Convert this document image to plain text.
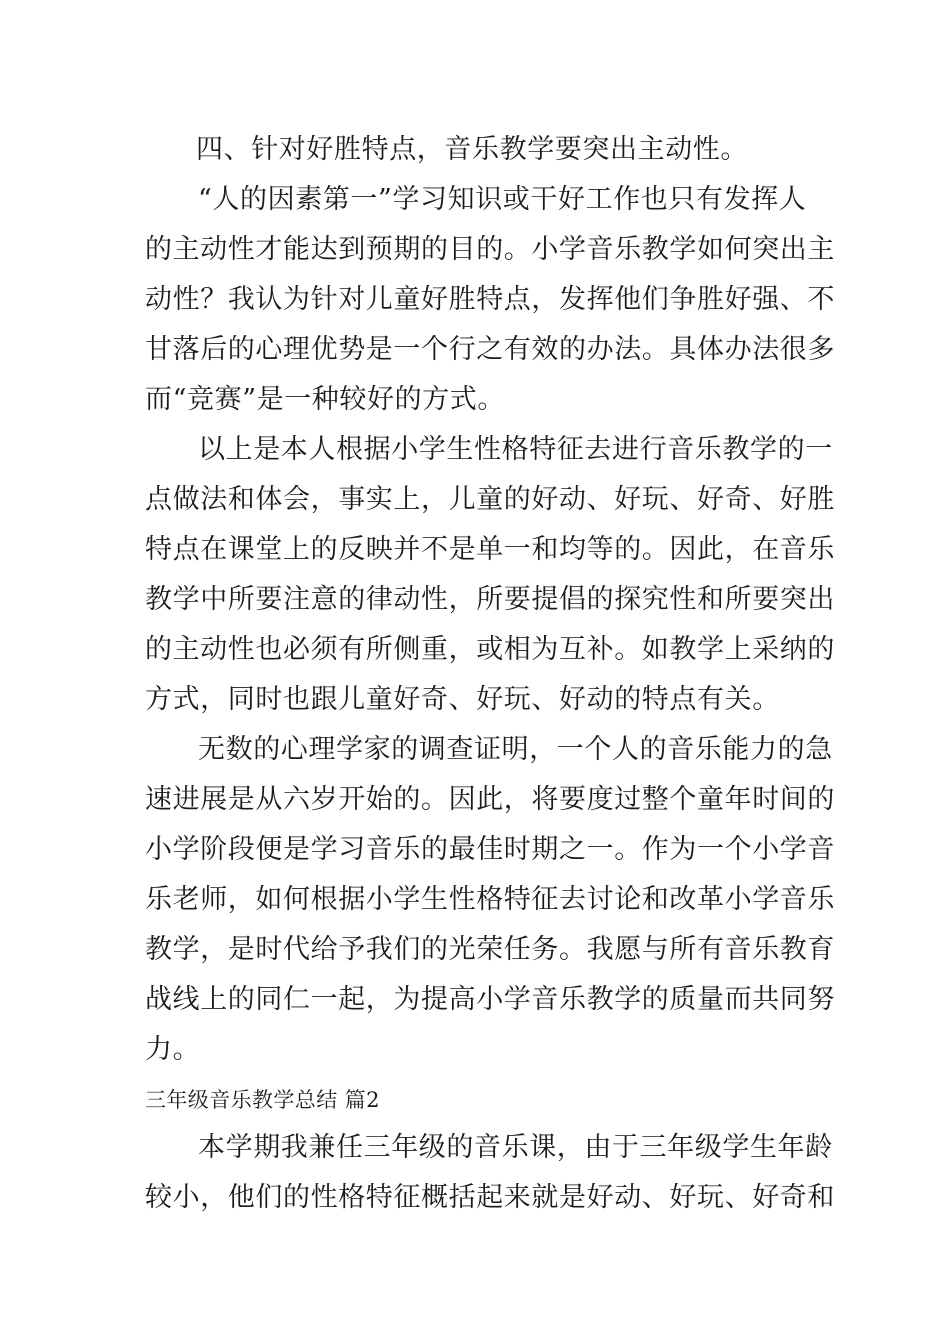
四、针对好胜特点，音乐教学要突出主动性。
“人的因素第一”学习知识或干好工作也只有发挥人
的主动性才能达到预期的目的。小学音乐教学如何突出主
动性？我认为针对儿童好胜特点，发挥他们争胜好强、不
甘落后的心理优势是一个行之有效的办法。具体办法很多
而“竞赛”是一种较好的方式。
以上是本人根据小学生性格特征去进行音乐教学的一
点做法和体会，事实上，儿童的好动、好玩、好奇、好胜
特点在课堂上的反映并不是单一和均等的。因此，在音乐
教学中所要注意的律动性，所要提倡的探究性和所要突出
的主动性也必须有所侧重，或相为互补。如教学上采纳的
方式，同时也跟儿童好奇、好玩、好动的特点有关。
无数的心理学家的调查证明，一个人的音乐能力的急
速进展是从六岁开始的。因此，将要度过整个童年时间的
小学阶段便是学习音乐的最佳时期之一。作为一个小学音
乐老师，如何根据小学生性格特征去讨论和改革小学音乐
教学，是时代给予我们的光荣任务。我愿与所有音乐教育
战线上的同仁一起，为提高小学音乐教学的质量而共同努
力。
三年级音乐教学总结 篇2
本学期我兼任三年级的音乐课，由于三年级学生年龄
较小，他们的性格特征概括起来就是好动、好玩、好奇和
